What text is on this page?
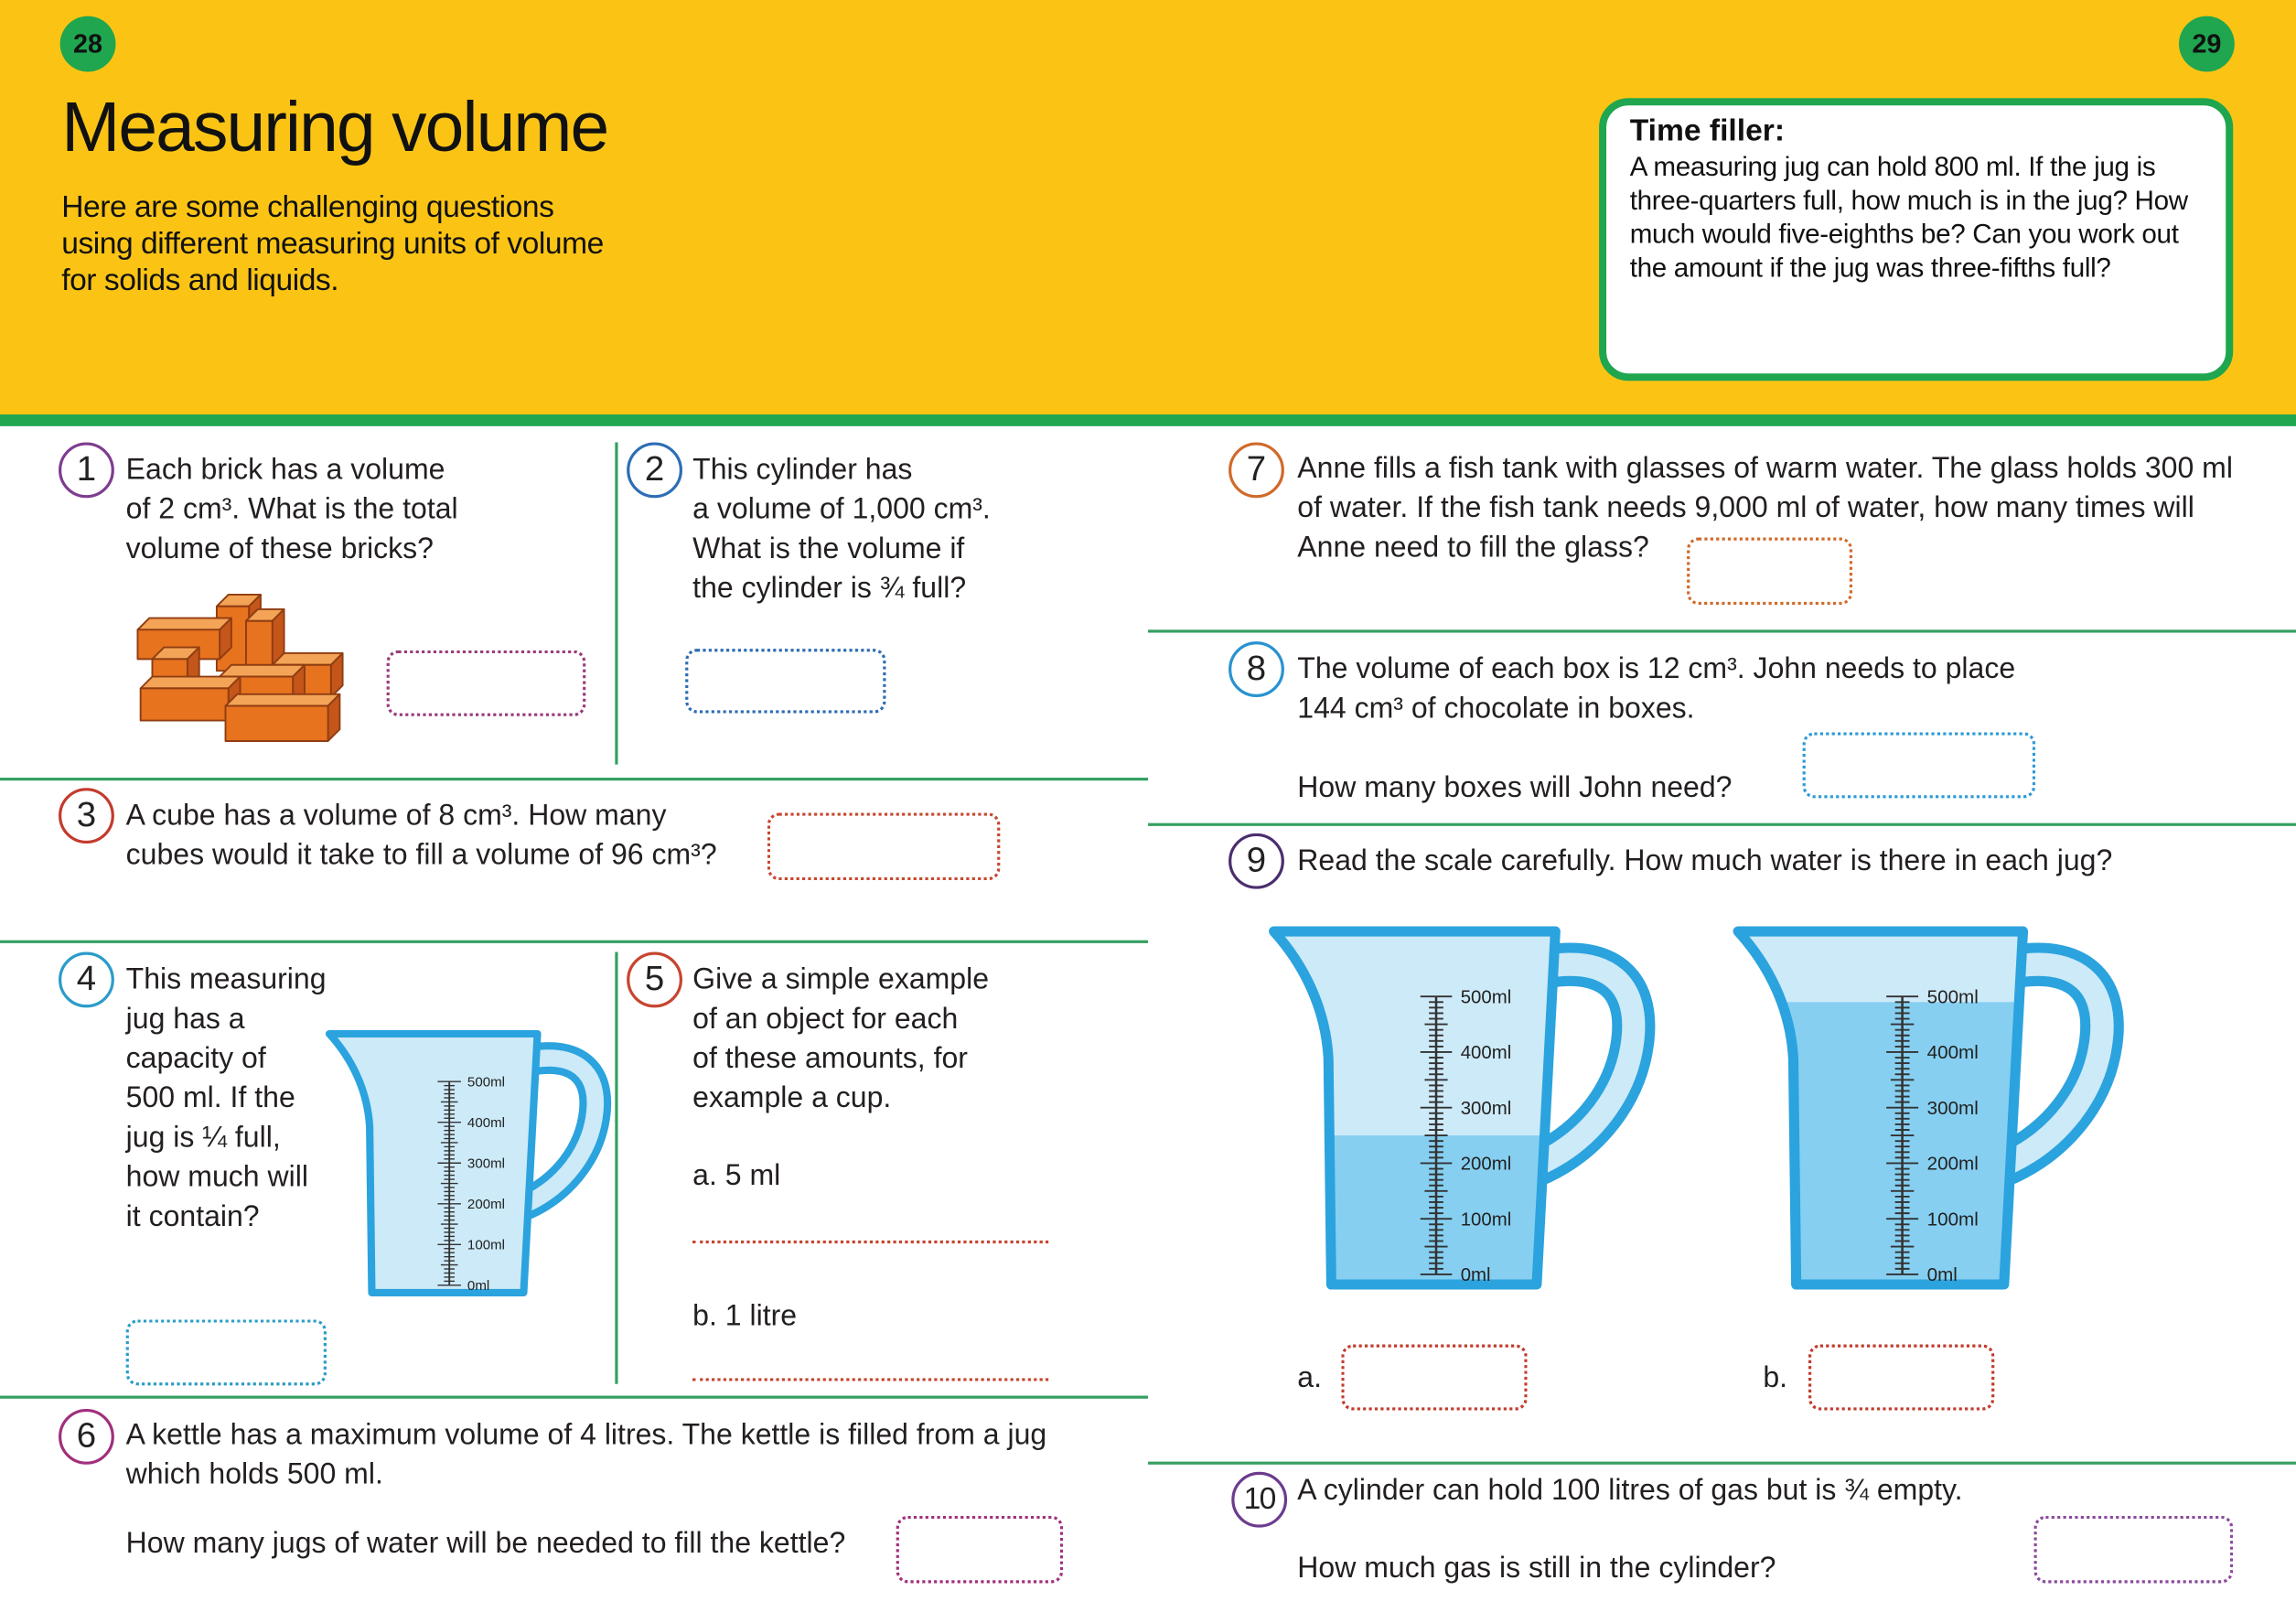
28	29
Measuring volume
Here are some challenging questions
using different measuring units of volume
for solids and liquids.
Time filler:
A measuring jug can hold 800 ml. If the jug is
three-quarters full, how much is in the jug? How
much would five-eighths be? Can you work out
the amount if the jug was three-fifths full?
1	Each brick has a volume
of 2 cm³. What is the total
volume of these bricks?
2	This cylinder has
a volume of 1,000 cm³.
What is the volume if
the cylinder is ¾ full?
3	A cube has a volume of 8 cm³. How many
cubes would it take to fill a volume of 96 cm³?
4	This measuring
jug has a
capacity of
500 ml. If the
jug is ¼ full,
how much will
it contain?
500ml
400ml
300ml
200ml
100ml
0ml
5	Give a simple example
of an object for each
of these amounts, for
example a cup.
a. 5 ml
b. 1 litre
6	A kettle has a maximum volume of 4 litres. The kettle is filled from a jug
which holds 500 ml.
How many jugs of water will be needed to fill the kettle?
7	Anne fills a fish tank with glasses of warm water. The glass holds 300 ml
of water. If the fish tank needs 9,000 ml of water, how many times will
Anne need to fill the glass?
8	The volume of each box is 12 cm³. John needs to place
144 cm³ of chocolate in boxes.
How many boxes will John need?
9	Read the scale carefully. How much water is there in each jug?
500ml
400ml
300ml
200ml
100ml
0ml
500ml
400ml
300ml
200ml
100ml
0ml
a.	b.
10	A cylinder can hold 100 litres of gas but is ¾ empty.
How much gas is still in the cylinder?
